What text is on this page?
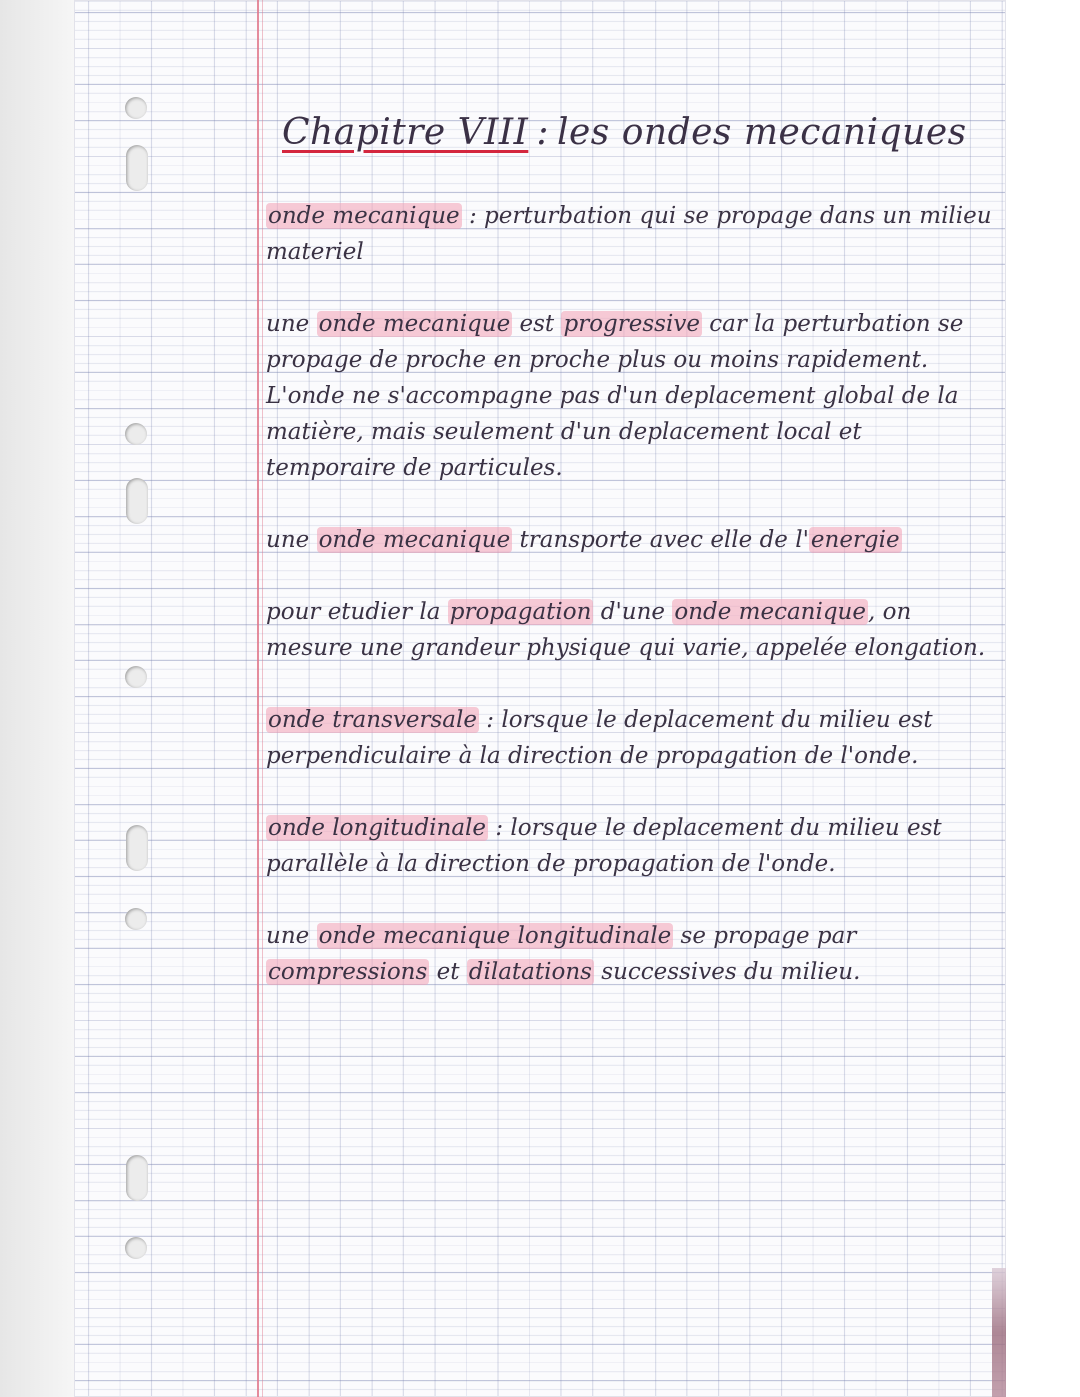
Chapitre VIII : les ondes mecaniques

onde mecanique : perturbation qui se propage dans un milieu materiel

une onde mecanique est progressive car la perturbation se propage de proche en proche plus ou moins rapidement. L'onde ne s'accompagne pas d'un deplacement global de la matière, mais seulement d'un deplacement local et temporaire de particules.

une onde mecanique transporte avec elle de l'energie

pour etudier la propagation d'une onde mecanique, on mesure une grandeur physique qui varie, appelée elongation.

onde transversale : lorsque le deplacement du milieu est perpendiculaire à la direction de propagation de l'onde.

onde longitudinale : lorsque le deplacement du milieu est parallèle à la direction de propagation de l'onde.

une onde mecanique longitudinale se propage par compressions et dilatations successives du milieu.
